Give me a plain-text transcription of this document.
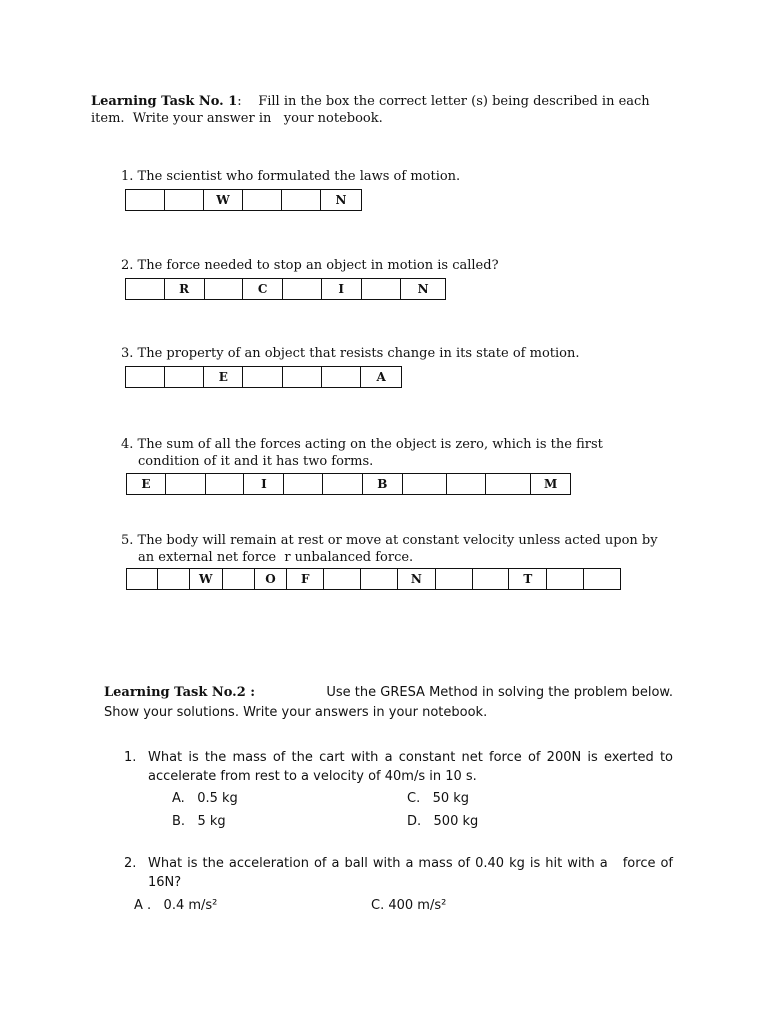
Learning Task No. 1: Fill in the box the correct letter (s) being described in each
item.  Write your answer in   your notebook.
1. The scientist who formulated the laws of motion.
W	N
2. The force needed to stop an object in motion is called?
R	C	I	N
3. The property of an object that resists change in its state of motion.
E	A
4. The sum of all the forces acting on the object is zero, which is the first
condition of it and it has two forms.
E	I	B	M
5. The body will remain at rest or move at constant velocity unless acted upon by
an external net force  r unbalanced force.
W	O	F	N	T
Learning Task No.2 :	Use the GRESA Method in solving the problem below.
Show your solutions. Write your answers in your notebook.
1. What is the mass of the cart with a constant net force of 200N is exerted to
accelerate from rest to a velocity of 40m/s in 10 s.
A.   0.5 kg	C.   50 kg
B.   5 kg	D.   500 kg
2. What is the acceleration of a ball with a mass of 0.40 kg is hit with a   force of
16N?
A .   0.4 m/s²	C. 400 m/s²
